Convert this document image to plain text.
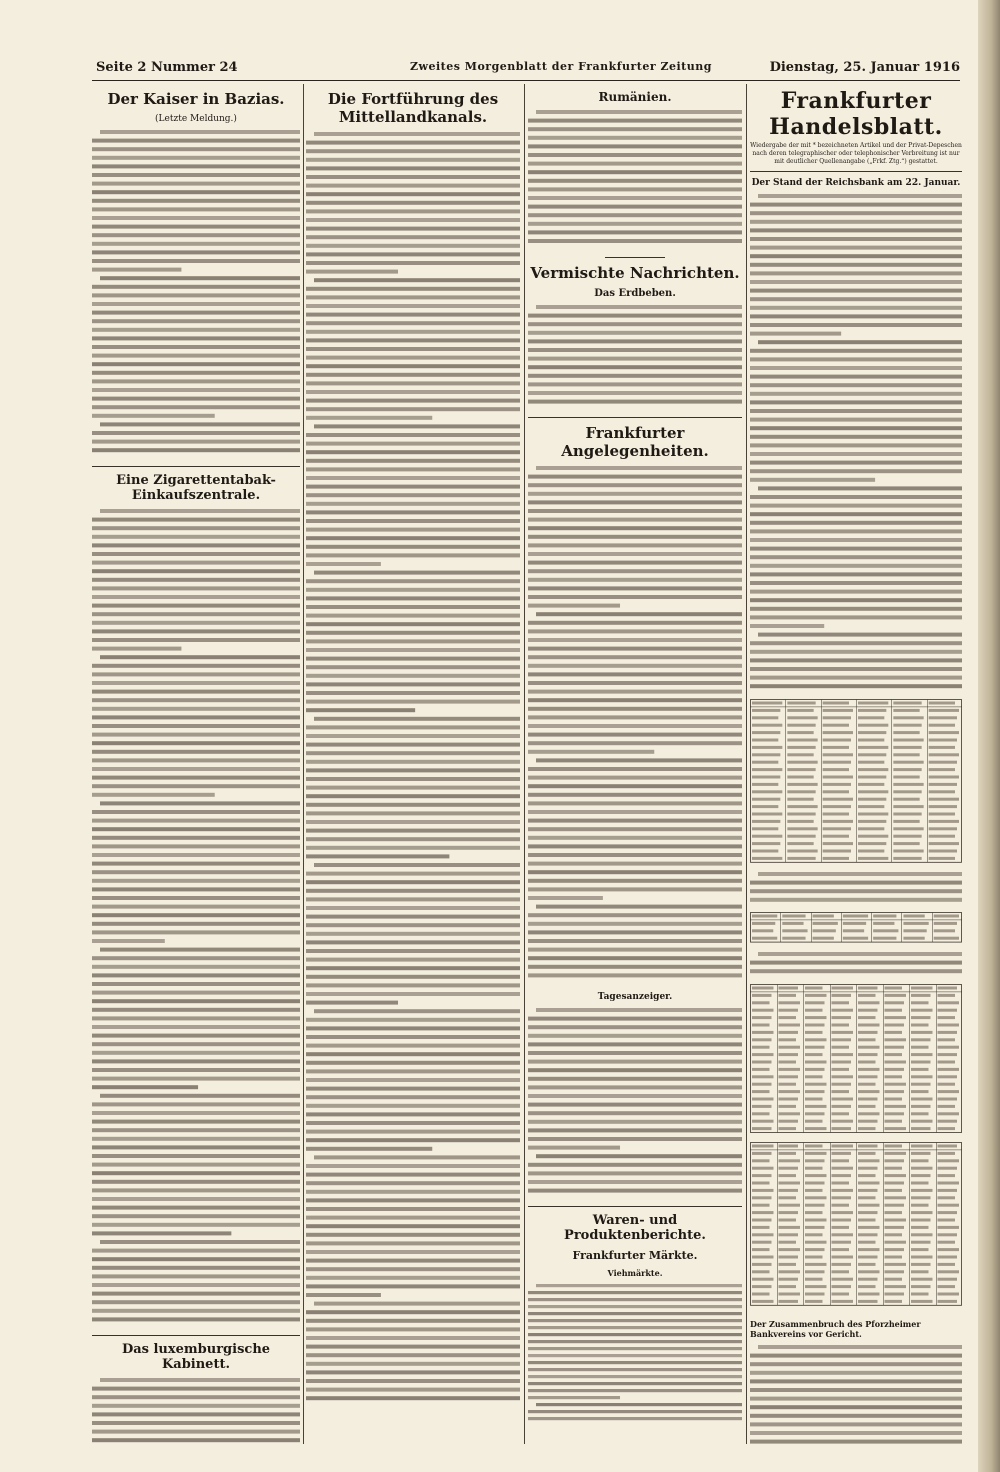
Seite 2 Nummer 24	Zweites Morgenblatt der Frankfurter Zeitung	Dienstag, 25. Januar 1916
Der Kaiser in Bazias.
(Letzte Meldung.)
Eine Zigarettentabak-Einkaufszentrale.
Das luxemburgische Kabinett.
Die Fortführung des Mittellandkanals.
Rumänien.
Vermischte Nachrichten.
Das Erdbeben.
Frankfurter Angelegenheiten.
Tagesanzeiger.
Waren- und Produktenberichte.
Frankfurter Märkte.
Viehmärkte.
Frankfurter Handelsblatt.
Wiedergabe der mit * bezeichneten Artikel und der Privat-Depeschen nach deren telegraphischer oder telephonischer Verbreitung ist nur mit deutlicher Quellenangabe („Frkf. Ztg.“) gestattet.
Der Stand der Reichsbank am 22. Januar.
Der Zusammenbruch des Pforzheimer Bankvereins vor Gericht.
